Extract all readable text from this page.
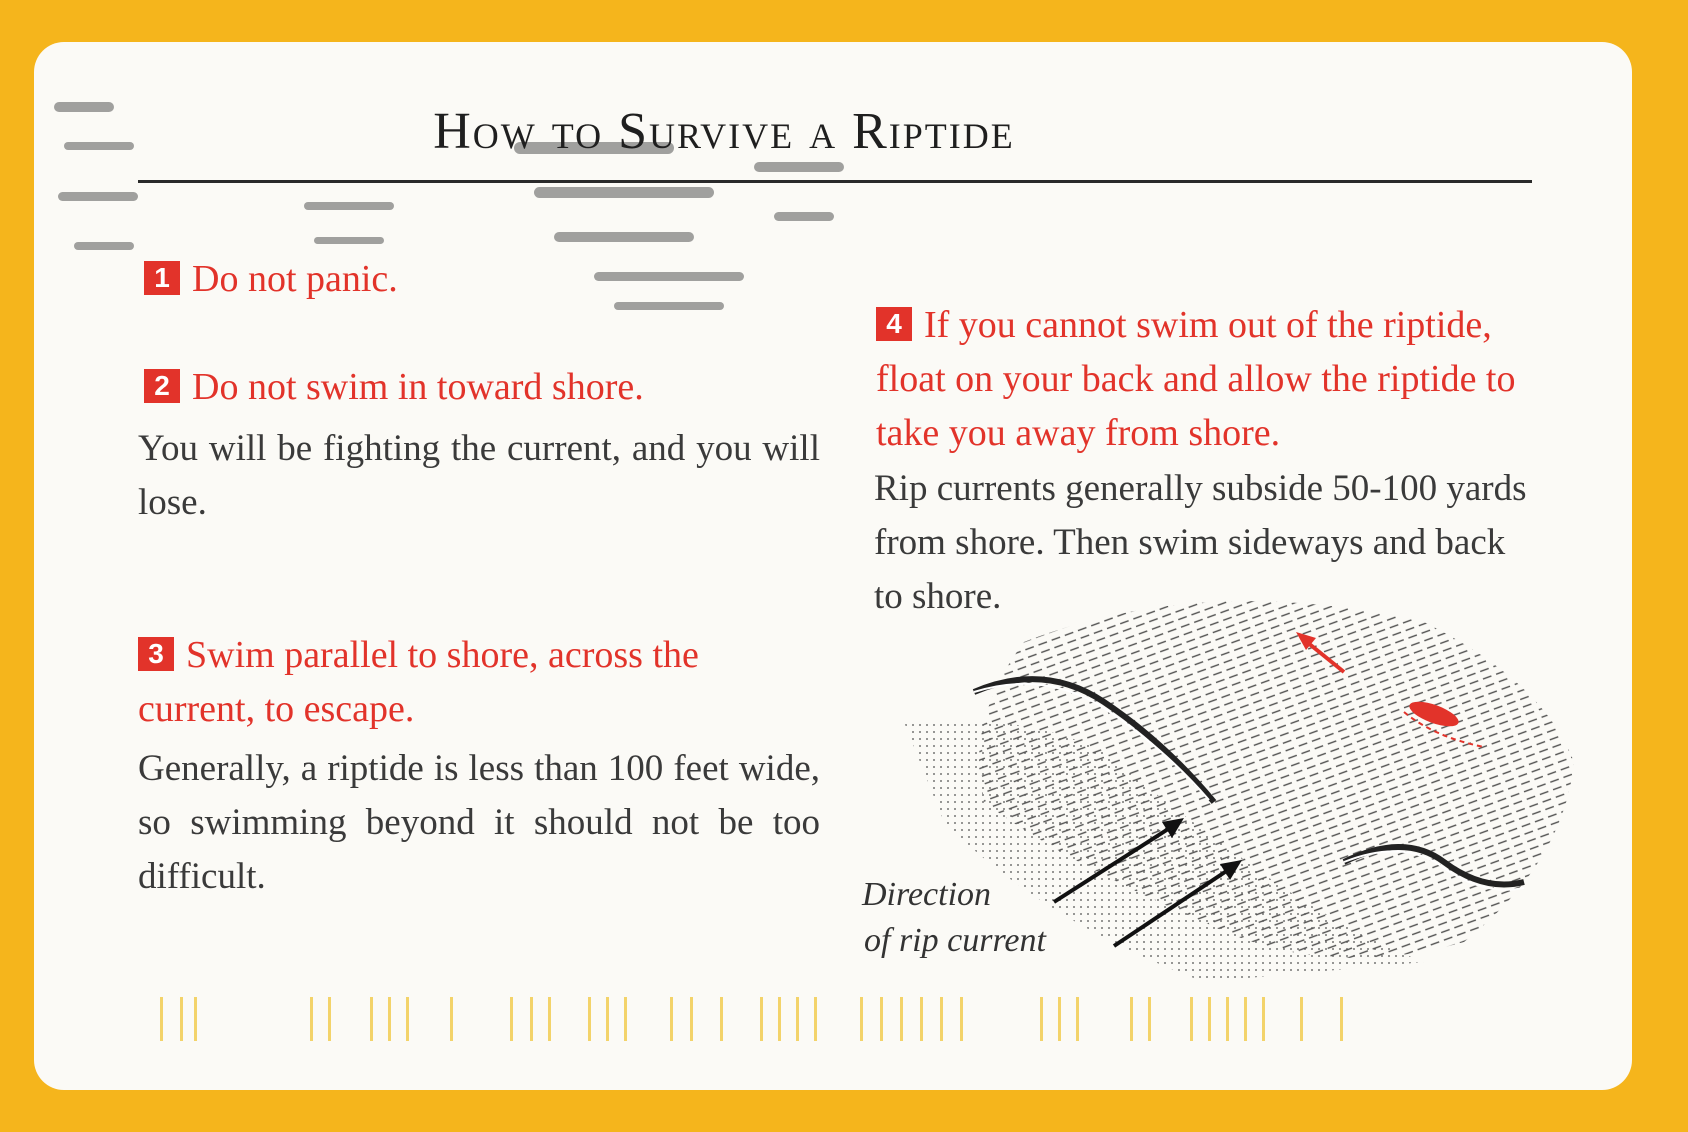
How to Survive a Riptide
1 Do not panic.
2 Do not swim in toward shore.
You will be fighting the current, and you will lose.
3 Swim parallel to shore, across the current, to escape.
Generally, a riptide is less than 100 feet wide, so swimming beyond it should not be too difficult.
4 If you cannot swim out of the riptide, float on your back and allow the riptide to take you away from shore.
Rip currents generally subside 50-100 yards from shore. Then swim sideways and back to shore.
Direction
of rip current
